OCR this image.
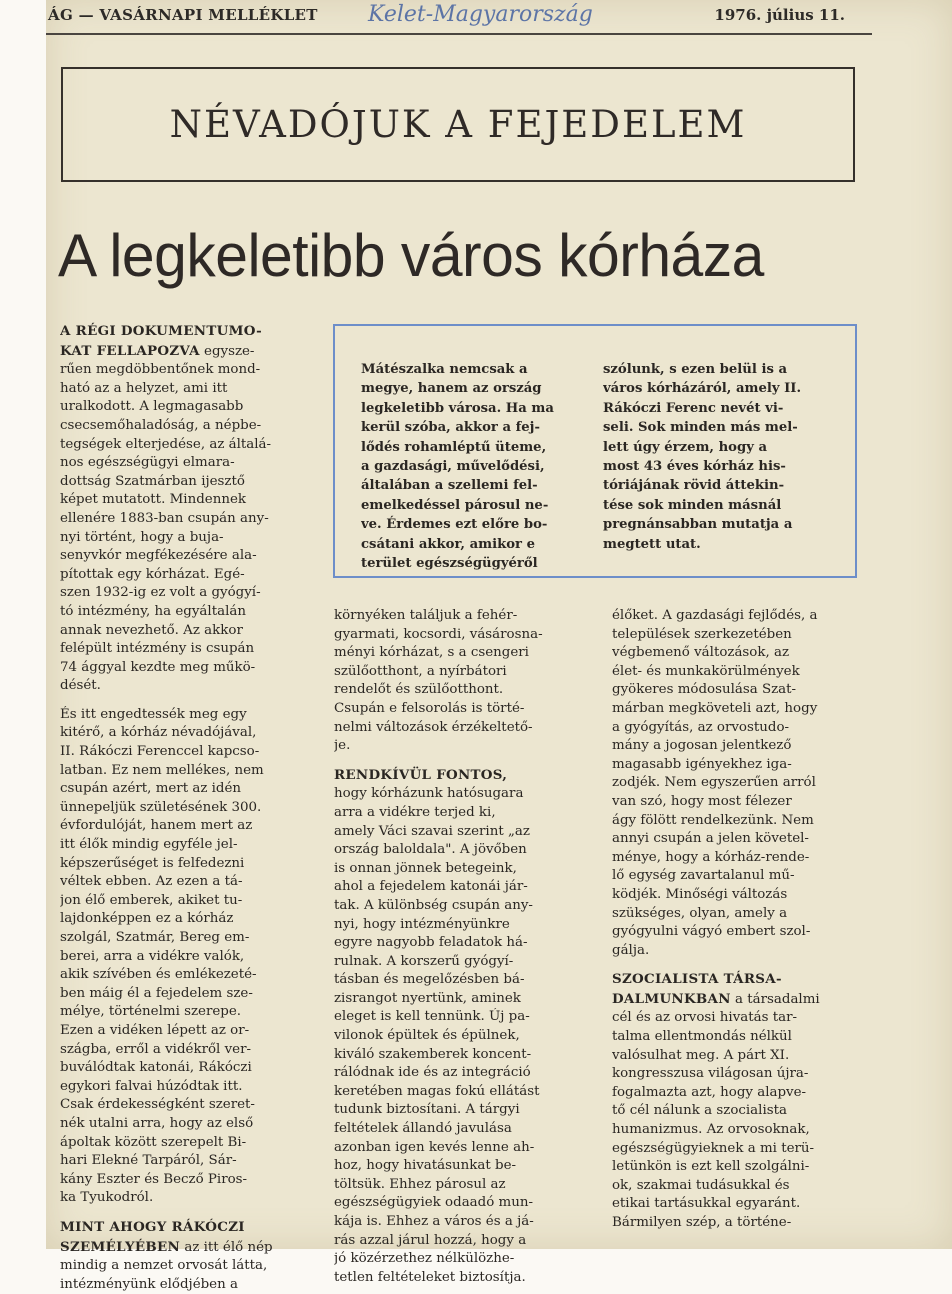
ÁG — VASÁRNAPI MELLÉKLET Kelet-Magyarország	1976. július 11.
NÉVADÓJUK A FEJEDELEM
A legkeletibb város kórháza
Mátészalka nemcsak a
megye, hanem az ország
legkeletibb városa. Ha ma
kerül szóba, akkor a fej-
lődés rohamléptű üteme,
a gazdasági, művelődési,
általában a szellemi fel-
emelkedéssel párosul ne-
ve. Érdemes ezt előre bo-
csátani akkor, amikor e
terület egészségügyéről
szólunk, s ezen belül is a
város kórházáról, amely II.
Rákóczi Ferenc nevét vi-
seli. Sok minden más mel-
lett úgy érzem, hogy a
most 43 éves kórház his-
tóriájának rövid áttekin-
tése sok minden másnál
pregnánsabban mutatja a
megtett utat.

A RÉGI DOKUMENTUMO-
KAT FELLAPOZVA egysze-
rűen megdöbbentőnek mond-
ható az a helyzet, ami itt
uralkodott. A legmagasabb
csecsemőhaladóság, a népbe-
tegségek elterjedése, az általá-
nos egészségügyi elmara-
dottság Szatmárban ijesztő
képet mutatott. Mindennek
ellenére 1883-ban csupán any-
nyi történt, hogy a buja-
senyvkór megfékezésére ala-
pítottak egy kórházat. Egé-
szen 1932-ig ez volt a gyógyí-
tó intézmény, ha egyáltalán
annak nevezhető. Az akkor
felépült intézmény is csupán
74 ággyal kezdte meg műkö-
dését.

És itt engedtessék meg egy
kitérő, a kórház névadójával,
II. Rákóczi Ferenccel kapcso-
latban. Ez nem mellékes, nem
csupán azért, mert az idén
ünnepeljük születésének 300.
évfordulóját, hanem mert az
itt élők mindig egyféle jel-
képszerűséget is felfedezni
véltek ebben. Az ezen a tá-
jon élő emberek, akiket tu-
lajdonképpen ez a kórház
szolgál, Szatmár, Bereg em-
berei, arra a vidékre valók,
akik szívében és emlékezeté-
ben máig él a fejedelem sze-
mélye, történelmi szerepe.
Ezen a vidéken lépett az or-
szágba, erről a vidékről ver-
buválódtak katonái, Rákóczi
egykori falvai húzódtak itt.
Csak érdekességként szeret-
nék utalni arra, hogy az első
ápoltak között szerepelt Bi-
hari Elekné Tarpáról, Sár-
kány Eszter és Becző Piros-
ka Tyukodról.

MINT AHOGY RÁKÓCZI
SZEMÉLYÉBEN az itt élő nép
mindig a nemzet orvosát látta,
intézményünk elődjében a

környéken találjuk a fehér-
gyarmati, kocsordi, vásárosna-
ményi kórházat, s a csengeri
szülőotthont, a nyírbátori
rendelőt és szülőotthont.
Csupán e felsorolás is törté-
nelmi változások érzékeltető-
je.

RENDKÍVÜL FONTOS,
hogy kórházunk hatósugara
arra a vidékre terjed ki,
amely Váci szavai szerint „az
ország baloldala". A jövőben
is onnan jönnek betegeink,
ahol a fejedelem katonái jár-
tak. A különbség csupán any-
nyi, hogy intézményünkre
egyre nagyobb feladatok há-
rulnak. A korszerű gyógyí-
tásban és megelőzésben bá-
zisrangot nyertünk, aminek
eleget is kell tennünk. Új pa-
vilonok épültek és épülnek,
kiváló szakemberek koncent-
rálódnak ide és az integráció
keretében magas fokú ellátást
tudunk biztosítani. A tárgyi
feltételek állandó javulása
azonban igen kevés lenne ah-
hoz, hogy hivatásunkat be-
töltsük. Ehhez párosul az
egészségügyiek odaadó mun-
kája is. Ehhez a város és a já-
rás azzal járul hozzá, hogy a
jó közérzethez nélkülözhe-
tetlen feltételeket biztosítja.

élőket. A gazdasági fejlődés, a
települések szerkezetében
végbemenő változások, az
élet- és munkakörülmények
gyökeres módosulása Szat-
márban megköveteli azt, hogy
a gyógyítás, az orvostudo-
mány a jogosan jelentkező
magasabb igényekhez iga-
zodjék. Nem egyszerűen arról
van szó, hogy most félezer
ágy fölött rendelkezünk. Nem
annyi csupán a jelen követel-
ménye, hogy a kórház-rende-
lő egység zavartalanul mű-
ködjék. Minőségi változás
szükséges, olyan, amely a
gyógyulni vágyó embert szol-
gálja.

SZOCIALISTA TÁRSA-
DALMUNKBAN a társadalmi
cél és az orvosi hivatás tar-
talma ellentmondás nélkül
valósulhat meg. A párt XI.
kongresszusa világosan újra-
fogalmazta azt, hogy alapve-
tő cél nálunk a szocialista
humanizmus. Az orvosoknak,
egészségügyieknek a mi terü-
letünkön is ezt kell szolgálni-
ok, szakmai tudásukkal és
etikai tartásukkal egyaránt.
Bármilyen szép, a történe-
